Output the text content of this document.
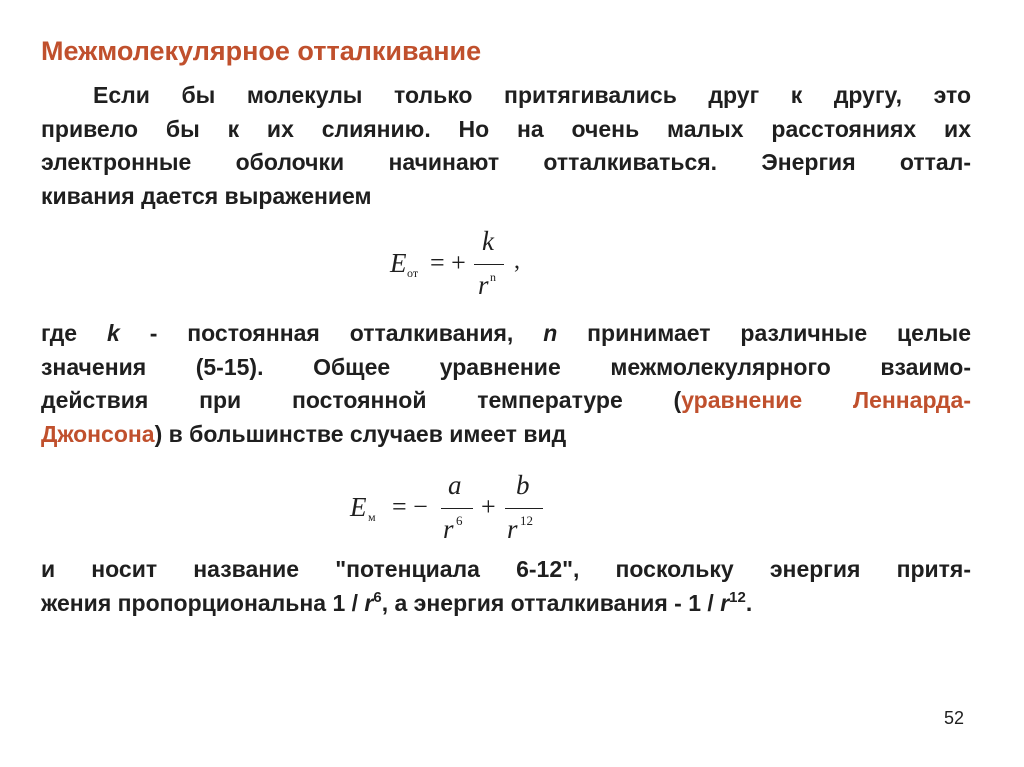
Межмолекулярное отталкивание
Если бы молекулы только притягивались друг к другу, это
привело бы к их слиянию. Но на очень малых расстояниях их
электронные оболочки начинают отталкиваться. Энергия оттал-
кивания дается выражением
E от = +
k
r n
,
где k - постоянная отталкивания, n принимает различные целые
значения (5-15). Общее уравнение межмолекулярного взаимо-
действия при постоянной температуре (уравнение Леннарда-
Джонсона) в большинстве случаев имеет вид
E м = −
a
r 6 +
b
r 12
и носит название "потенциала 6-12", поскольку энергия притя-
жения пропорциональна $1 / r^6$, а энергия отталкивания - $1 / r^{12}$.
52
